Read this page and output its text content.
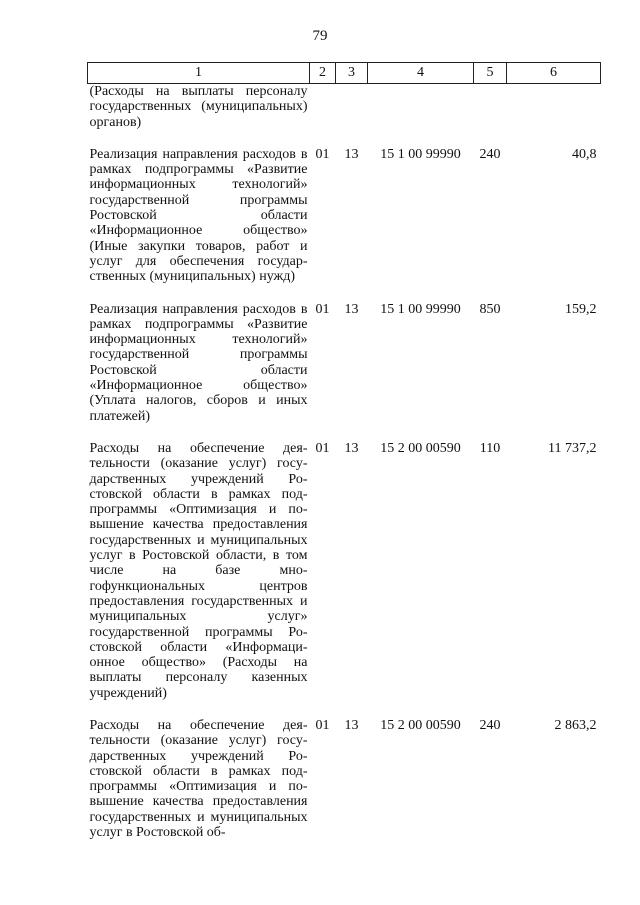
79
1	2	3	4	5	6
(Расходы на выплаты персоналу государственных (муниципальных) органов)					
Реализация направления расходов в рамках подпрограммы «Развитие информационных технологий» государственной программы Ростовской области «Информационное общество» (Иные закупки товаров, работ и услуг для обеспечения государственных (муниципальных) нужд)	01	13	15 1 00 99990	240	40,8
Реализация направления расходов в рамках подпрограммы «Развитие информационных технологий» государственной программы Ростовской области «Информационное общество» (Уплата налогов, сборов и иных платежей)	01	13	15 1 00 99990	850	159,2
Расходы на обеспечение деятельности (оказание услуг) государственных учреждений Ростовской области в рамках подпрограммы «Оптимизация и повышение качества предоставления государственных и муниципальных услуг в Ростовской области, в том числе на базе многофункциональных центров предоставления государственных и муниципальных услуг» государственной программы Ростовской области «Информационное общество» (Расходы на выплаты персоналу казенных учреждений)	01	13	15 2 00 00590	110	11 737,2
Расходы на обеспечение деятельности (оказание услуг) государственных учреждений Ростовской области в рамках подпрограммы «Оптимизация и повышение качества предоставления государственных и муниципальных услуг в Ростовской об-	01	13	15 2 00 00590	240	2 863,2
